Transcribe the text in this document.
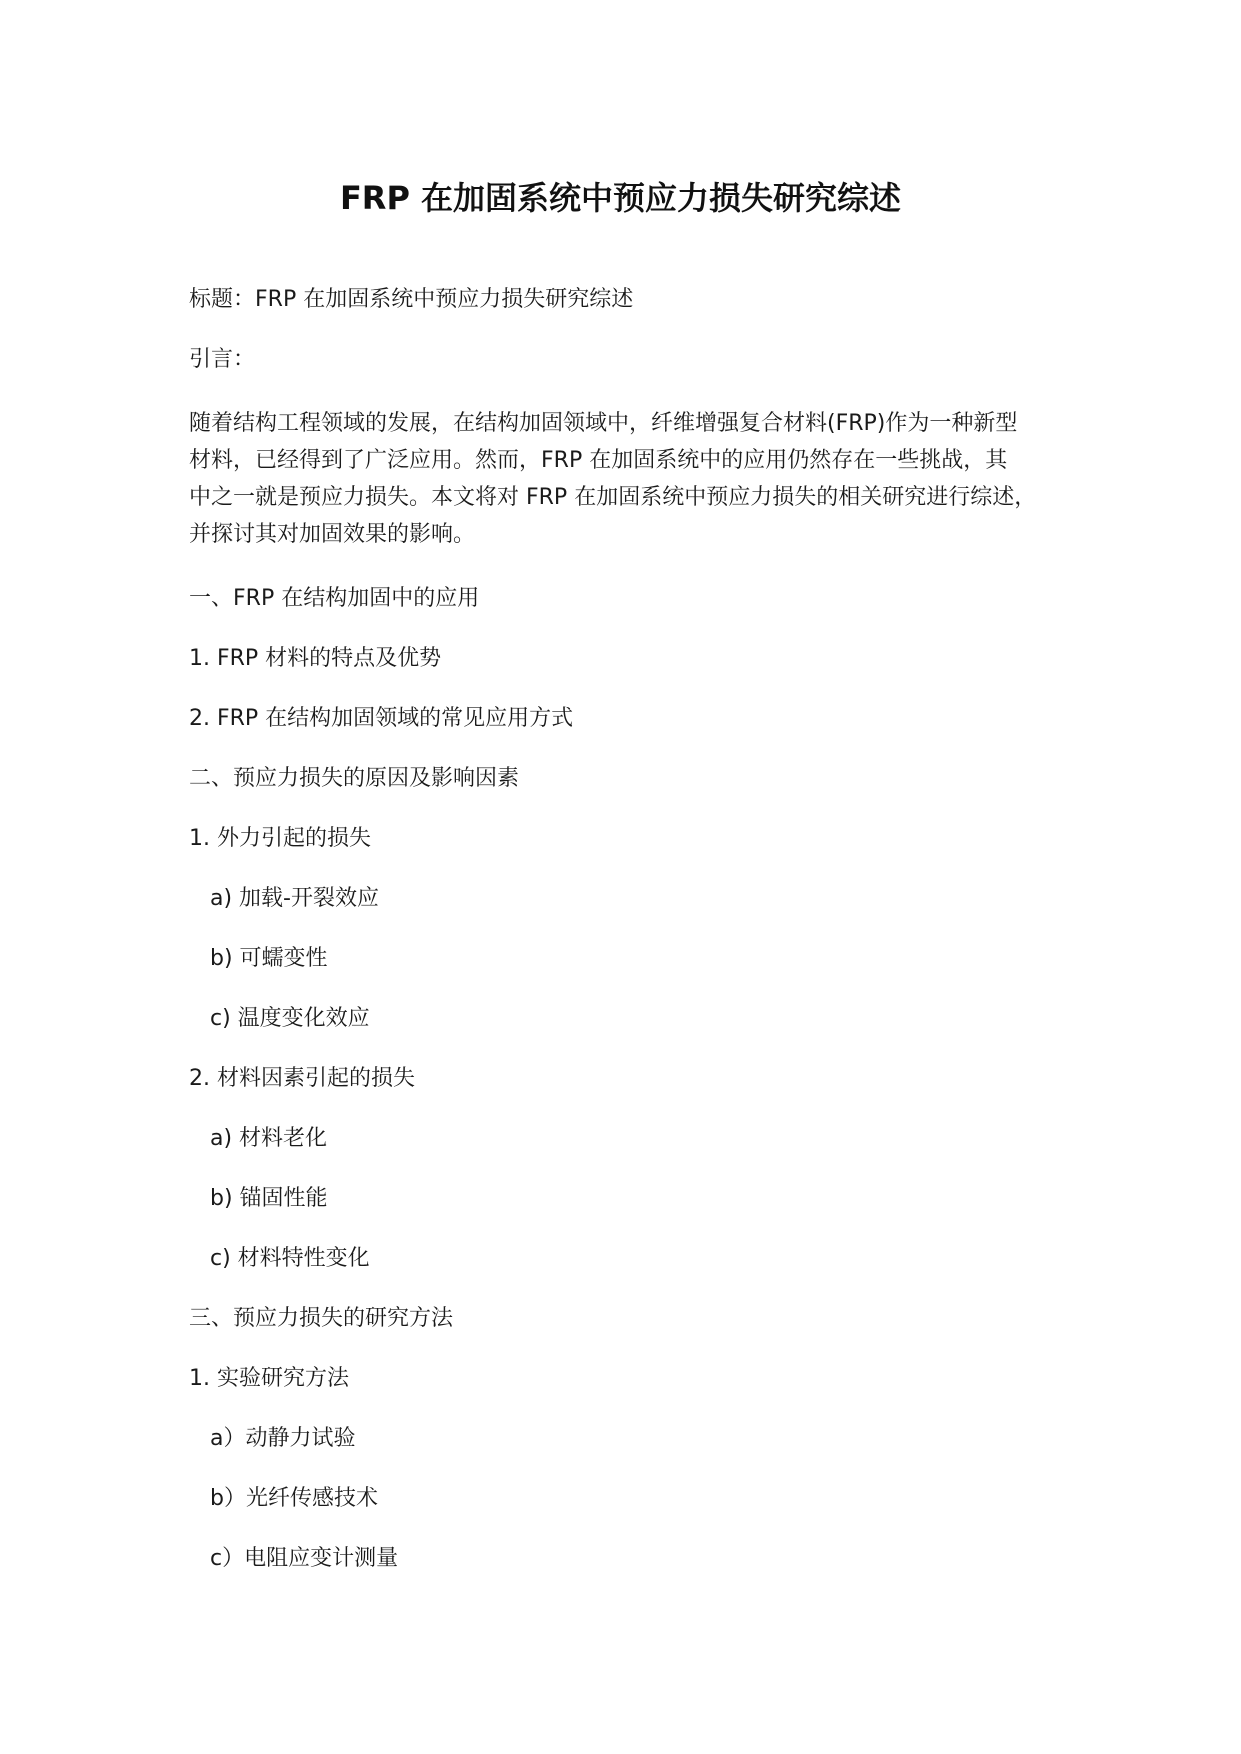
FRP 在加固系统中预应力损失研究综述

标题：FRP 在加固系统中预应力损失研究综述

引言：

随着结构工程领域的发展，在结构加固领域中，纤维增强复合材料(FRP)作为一种新型
材料，已经得到了广泛应用。然而，FRP 在加固系统中的应用仍然存在一些挑战，其
中之一就是预应力损失。本文将对 FRP 在加固系统中预应力损失的相关研究进行综述，
并探讨其对加固效果的影响。

一、FRP 在结构加固中的应用

1. FRP 材料的特点及优势

2. FRP 在结构加固领域的常见应用方式

二、预应力损失的原因及影响因素

1. 外力引起的损失

a) 加载-开裂效应

b) 可蠕变性

c) 温度变化效应

2. 材料因素引起的损失

a) 材料老化

b) 锚固性能

c) 材料特性变化

三、预应力损失的研究方法

1. 实验研究方法

a）动静力试验

b）光纤传感技术

c）电阻应变计测量
